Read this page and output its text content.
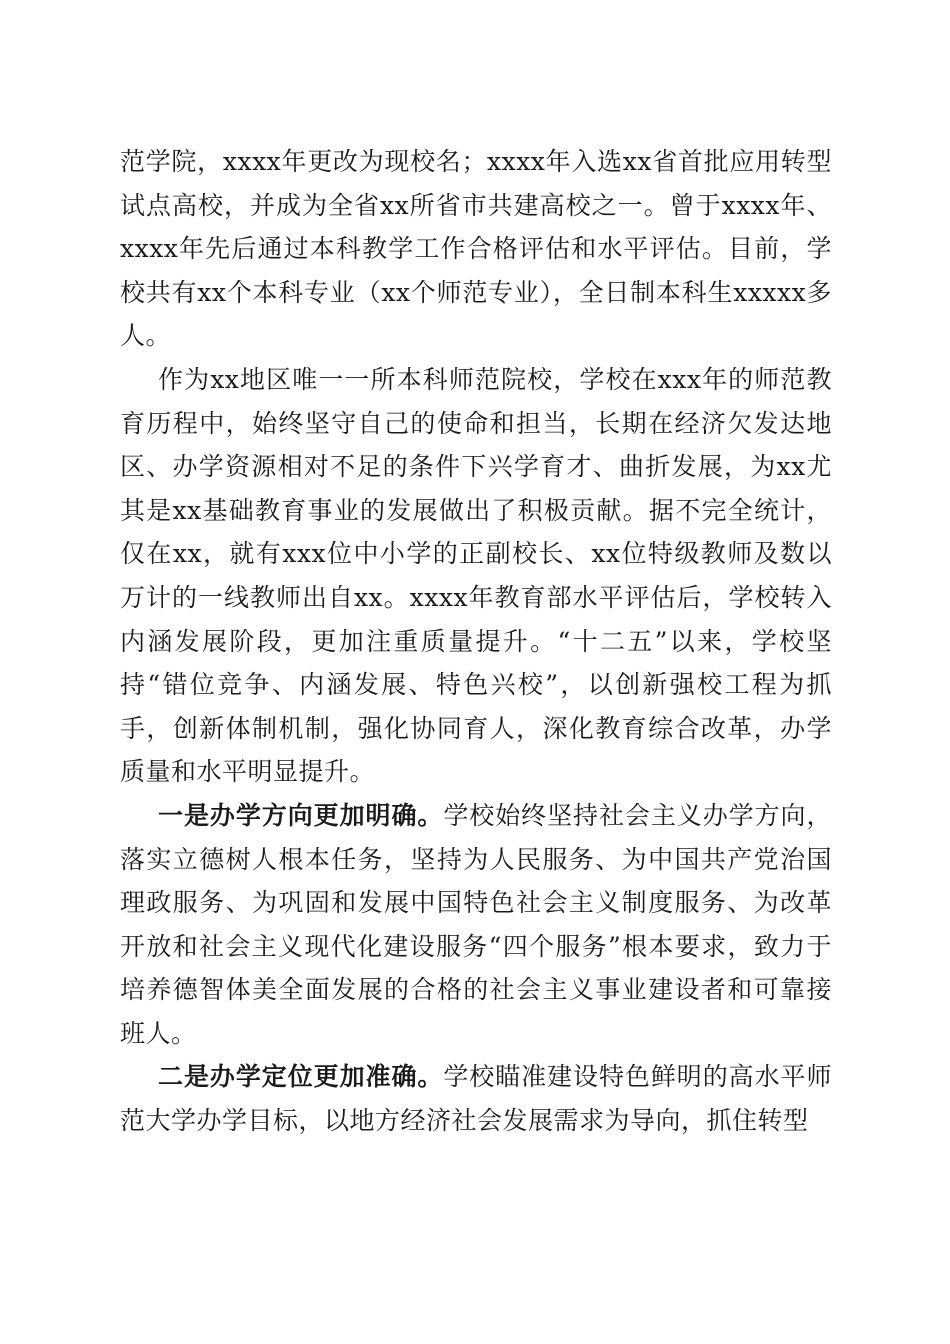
范学院，xxxx年更改为现校名；xxxx年入选xx省首批应用转型试点高校，并成为全省xx所省市共建高校之一。曾于xxxx年、xxxx年先后通过本科教学工作合格评估和水平评估。目前，学校共有xx个本科专业（xx个师范专业），全日制本科生xxxxx多人。

作为xx地区唯一一所本科师范院校，学校在xxx年的师范教育历程中，始终坚守自己的使命和担当，长期在经济欠发达地区、办学资源相对不足的条件下兴学育才、曲折发展，为xx尤其是xx基础教育事业的发展做出了积极贡献。据不完全统计，仅在xx，就有xxx位中小学的正副校长、xx位特级教师及数以万计的一线教师出自xx。xxxx年教育部水平评估后，学校转入内涵发展阶段，更加注重质量提升。“十二五”以来，学校坚持“错位竞争、内涵发展、特色兴校”，以创新强校工程为抓手，创新体制机制，强化协同育人，深化教育综合改革，办学质量和水平明显提升。

一是办学方向更加明确。学校始终坚持社会主义办学方向，落实立德树人根本任务，坚持为人民服务、为中国共产党治国理政服务、为巩固和发展中国特色社会主义制度服务、为改革开放和社会主义现代化建设服务“四个服务”根本要求，致力于培养德智体美全面发展的合格的社会主义事业建设者和可靠接班人。

二是办学定位更加准确。学校瞄准建设特色鲜明的高水平师范大学办学目标，以地方经济社会发展需求为导向，抓住转型
